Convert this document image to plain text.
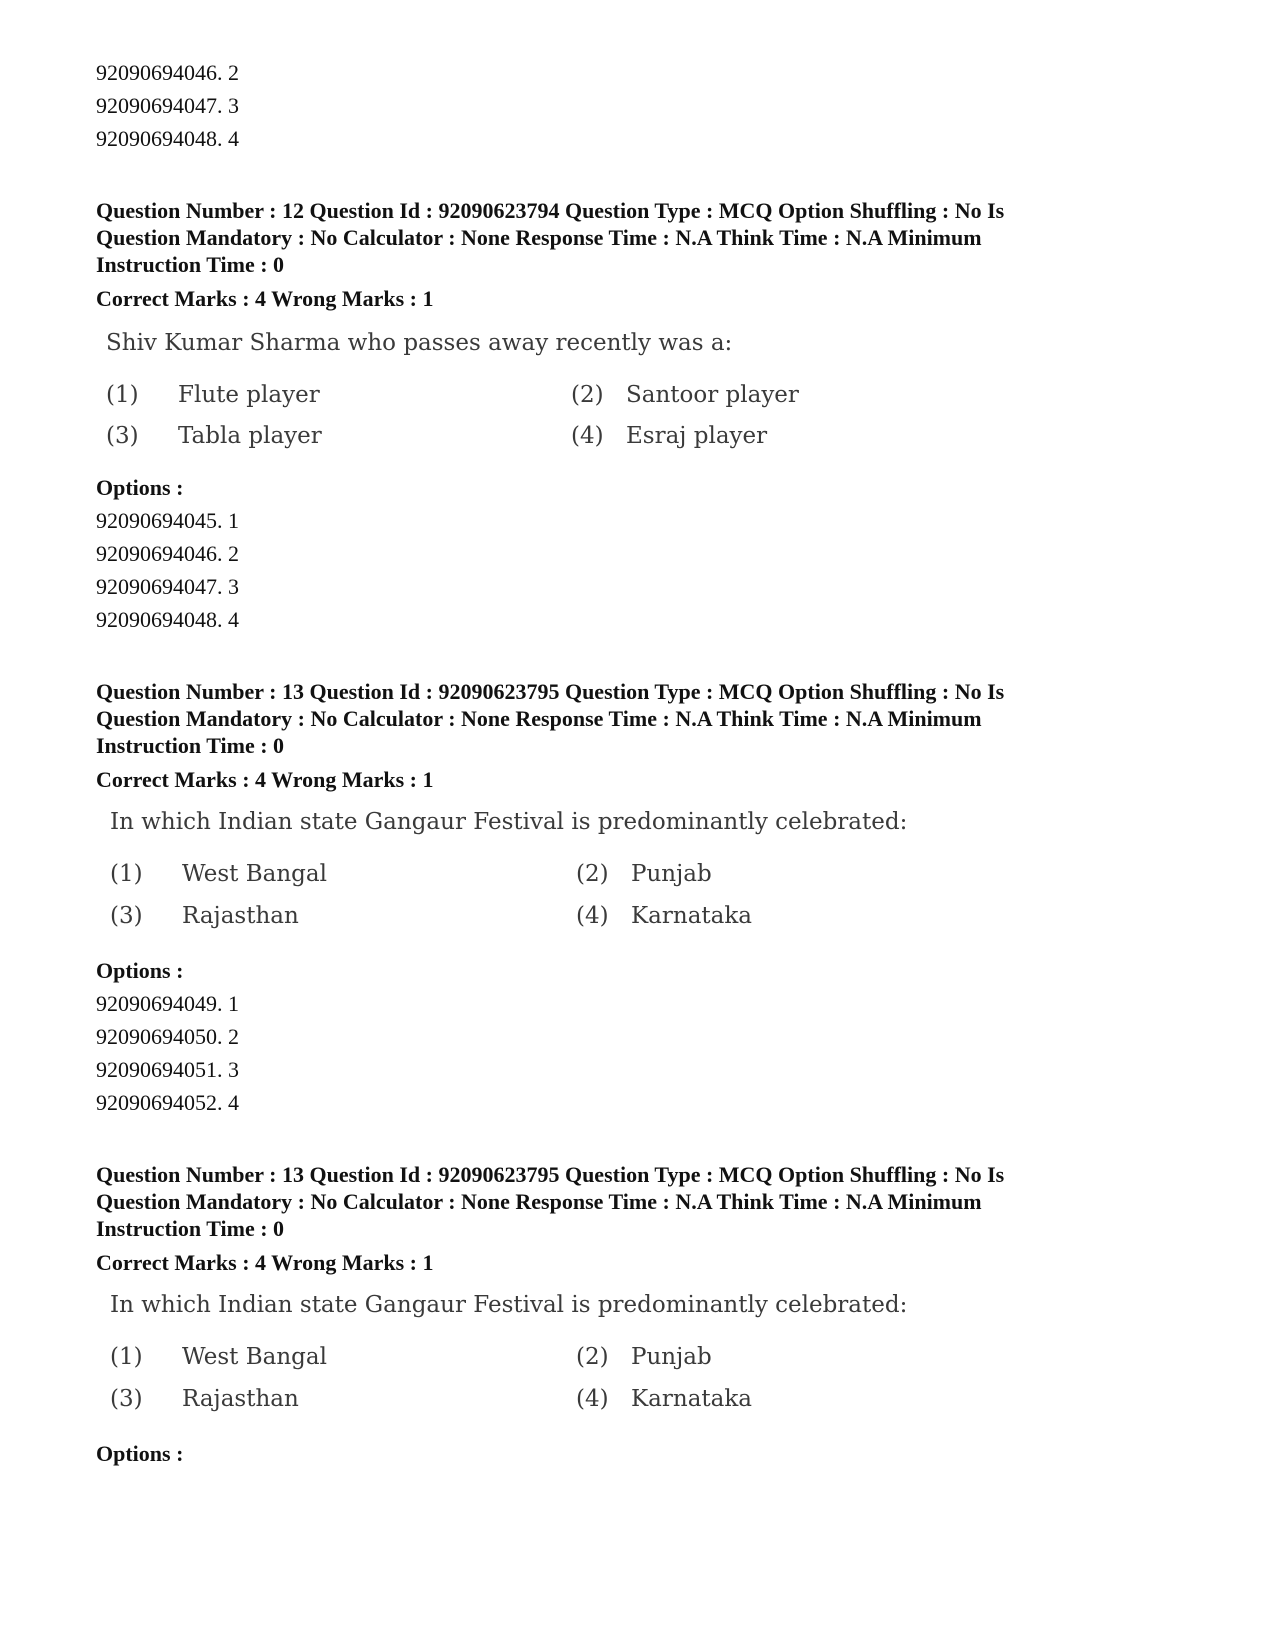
92090694046. 2
92090694047. 3
92090694048. 4
Question Number : 12 Question Id : 92090623794 Question Type : MCQ Option Shuffling : No Is
Question Mandatory : No Calculator : None Response Time : N.A Think Time : N.A Minimum
Instruction Time : 0
Correct Marks : 4 Wrong Marks : 1
Shiv Kumar Sharma who passes away recently was a:
(1) Flute player	(2) Santoor player
(3) Tabla player	(4) Esraj player
Options :
92090694045. 1
92090694046. 2
92090694047. 3
92090694048. 4
Question Number : 13 Question Id : 92090623795 Question Type : MCQ Option Shuffling : No Is
Question Mandatory : No Calculator : None Response Time : N.A Think Time : N.A Minimum
Instruction Time : 0
Correct Marks : 4 Wrong Marks : 1
In which Indian state Gangaur Festival is predominantly celebrated:
(1) West Bangal	(2) Punjab
(3) Rajasthan	(4) Karnataka
Options :
92090694049. 1
92090694050. 2
92090694051. 3
92090694052. 4
Question Number : 13 Question Id : 92090623795 Question Type : MCQ Option Shuffling : No Is
Question Mandatory : No Calculator : None Response Time : N.A Think Time : N.A Minimum
Instruction Time : 0
Correct Marks : 4 Wrong Marks : 1
In which Indian state Gangaur Festival is predominantly celebrated:
(1) West Bangal	(2) Punjab
(3) Rajasthan	(4) Karnataka
Options :
